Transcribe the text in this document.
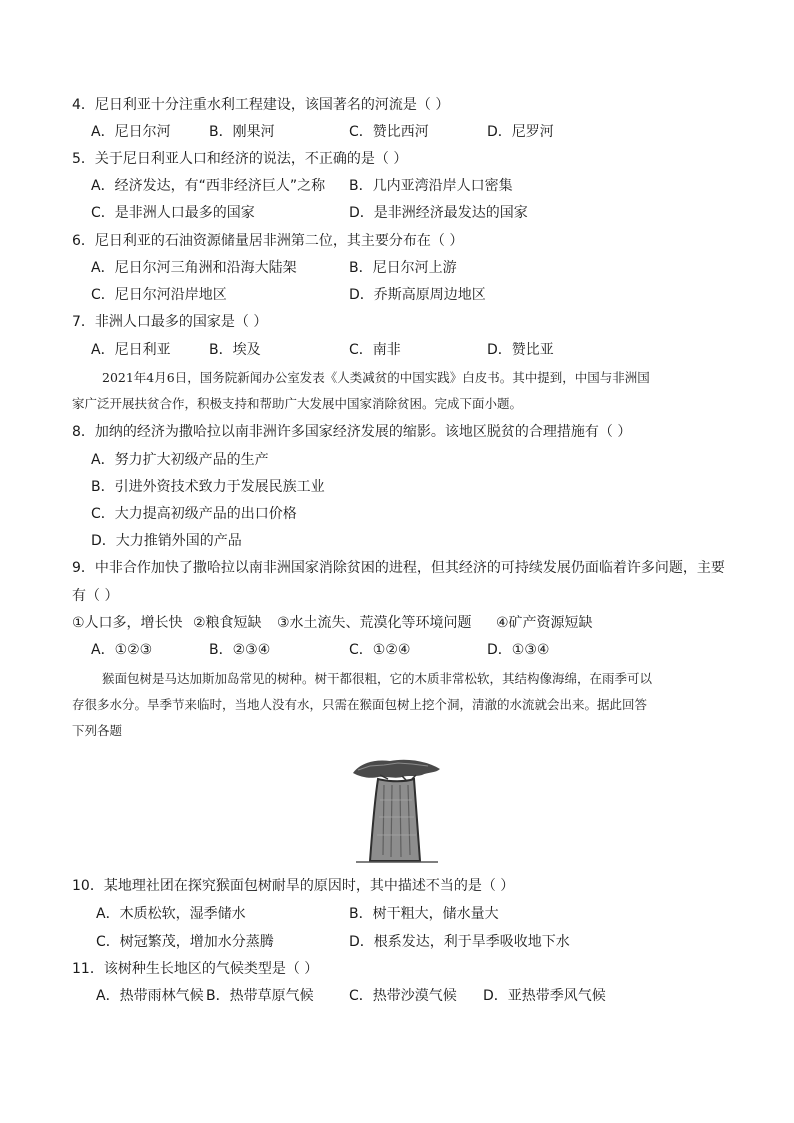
4．尼日利亚十分注重水利工程建设，该国著名的河流是（ ）
A．尼日尔河	B．刚果河	C．赞比西河	D．尼罗河
5．关于尼日利亚人口和经济的说法，不正确的是（ ）
A．经济发达，有“西非经济巨人”之称 B．几内亚湾沿岸人口密集
C．是非洲人口最多的国家	D．是非洲经济最发达的国家
6．尼日利亚的石油资源储量居非洲第二位，其主要分布在（ ）
A．尼日尔河三角洲和沿海大陆架	B．尼日尔河上游
C．尼日尔河沿岸地区	D．乔斯高原周边地区
7．非洲人口最多的国家是（ ）
A．尼日利亚	B．埃及	C．南非	D．赞比亚
2021年4月6日，国务院新闻办公室发表《人类减贫的中国实践》白皮书。其中提到，中国与非洲国
家广泛开展扶贫合作，积极支持和帮助广大发展中国家消除贫困。完成下面小题。
8．加纳的经济为撒哈拉以南非洲许多国家经济发展的缩影。该地区脱贫的合理措施有（ ）
A．努力扩大初级产品的生产
B．引进外资技术致力于发展民族工业
C．大力提高初级产品的出口价格
D．大力推销外国的产品
9．中非合作加快了撒哈拉以南非洲国家消除贫困的进程，但其经济的可持续发展仍面临着许多问题，主要
有（ ）
①人口多，增长快 ②粮食短缺 ③水土流失、荒漠化等环境问题 ④矿产资源短缺
A．①②③	B．②③④	C．①②④	D．①③④
猴面包树是马达加斯加岛常见的树种。树干都很粗，它的木质非常松软，其结构像海绵，在雨季可以
存很多水分。旱季节来临时，当地人没有水，只需在猴面包树上挖个洞，清澈的水流就会出来。据此回答
下列各题
10．某地理社团在探究猴面包树耐旱的原因时，其中描述不当的是（ ）
A．木质松软，湿季储水	B．树干粗大，储水量大
C．树冠繁茂，增加水分蒸腾	D．根系发达，利于旱季吸收地下水
11．该树种生长地区的气候类型是（ ）
A．热带雨林气候 B．热带草原气候	C．热带沙漠气候 D．亚热带季风气候
